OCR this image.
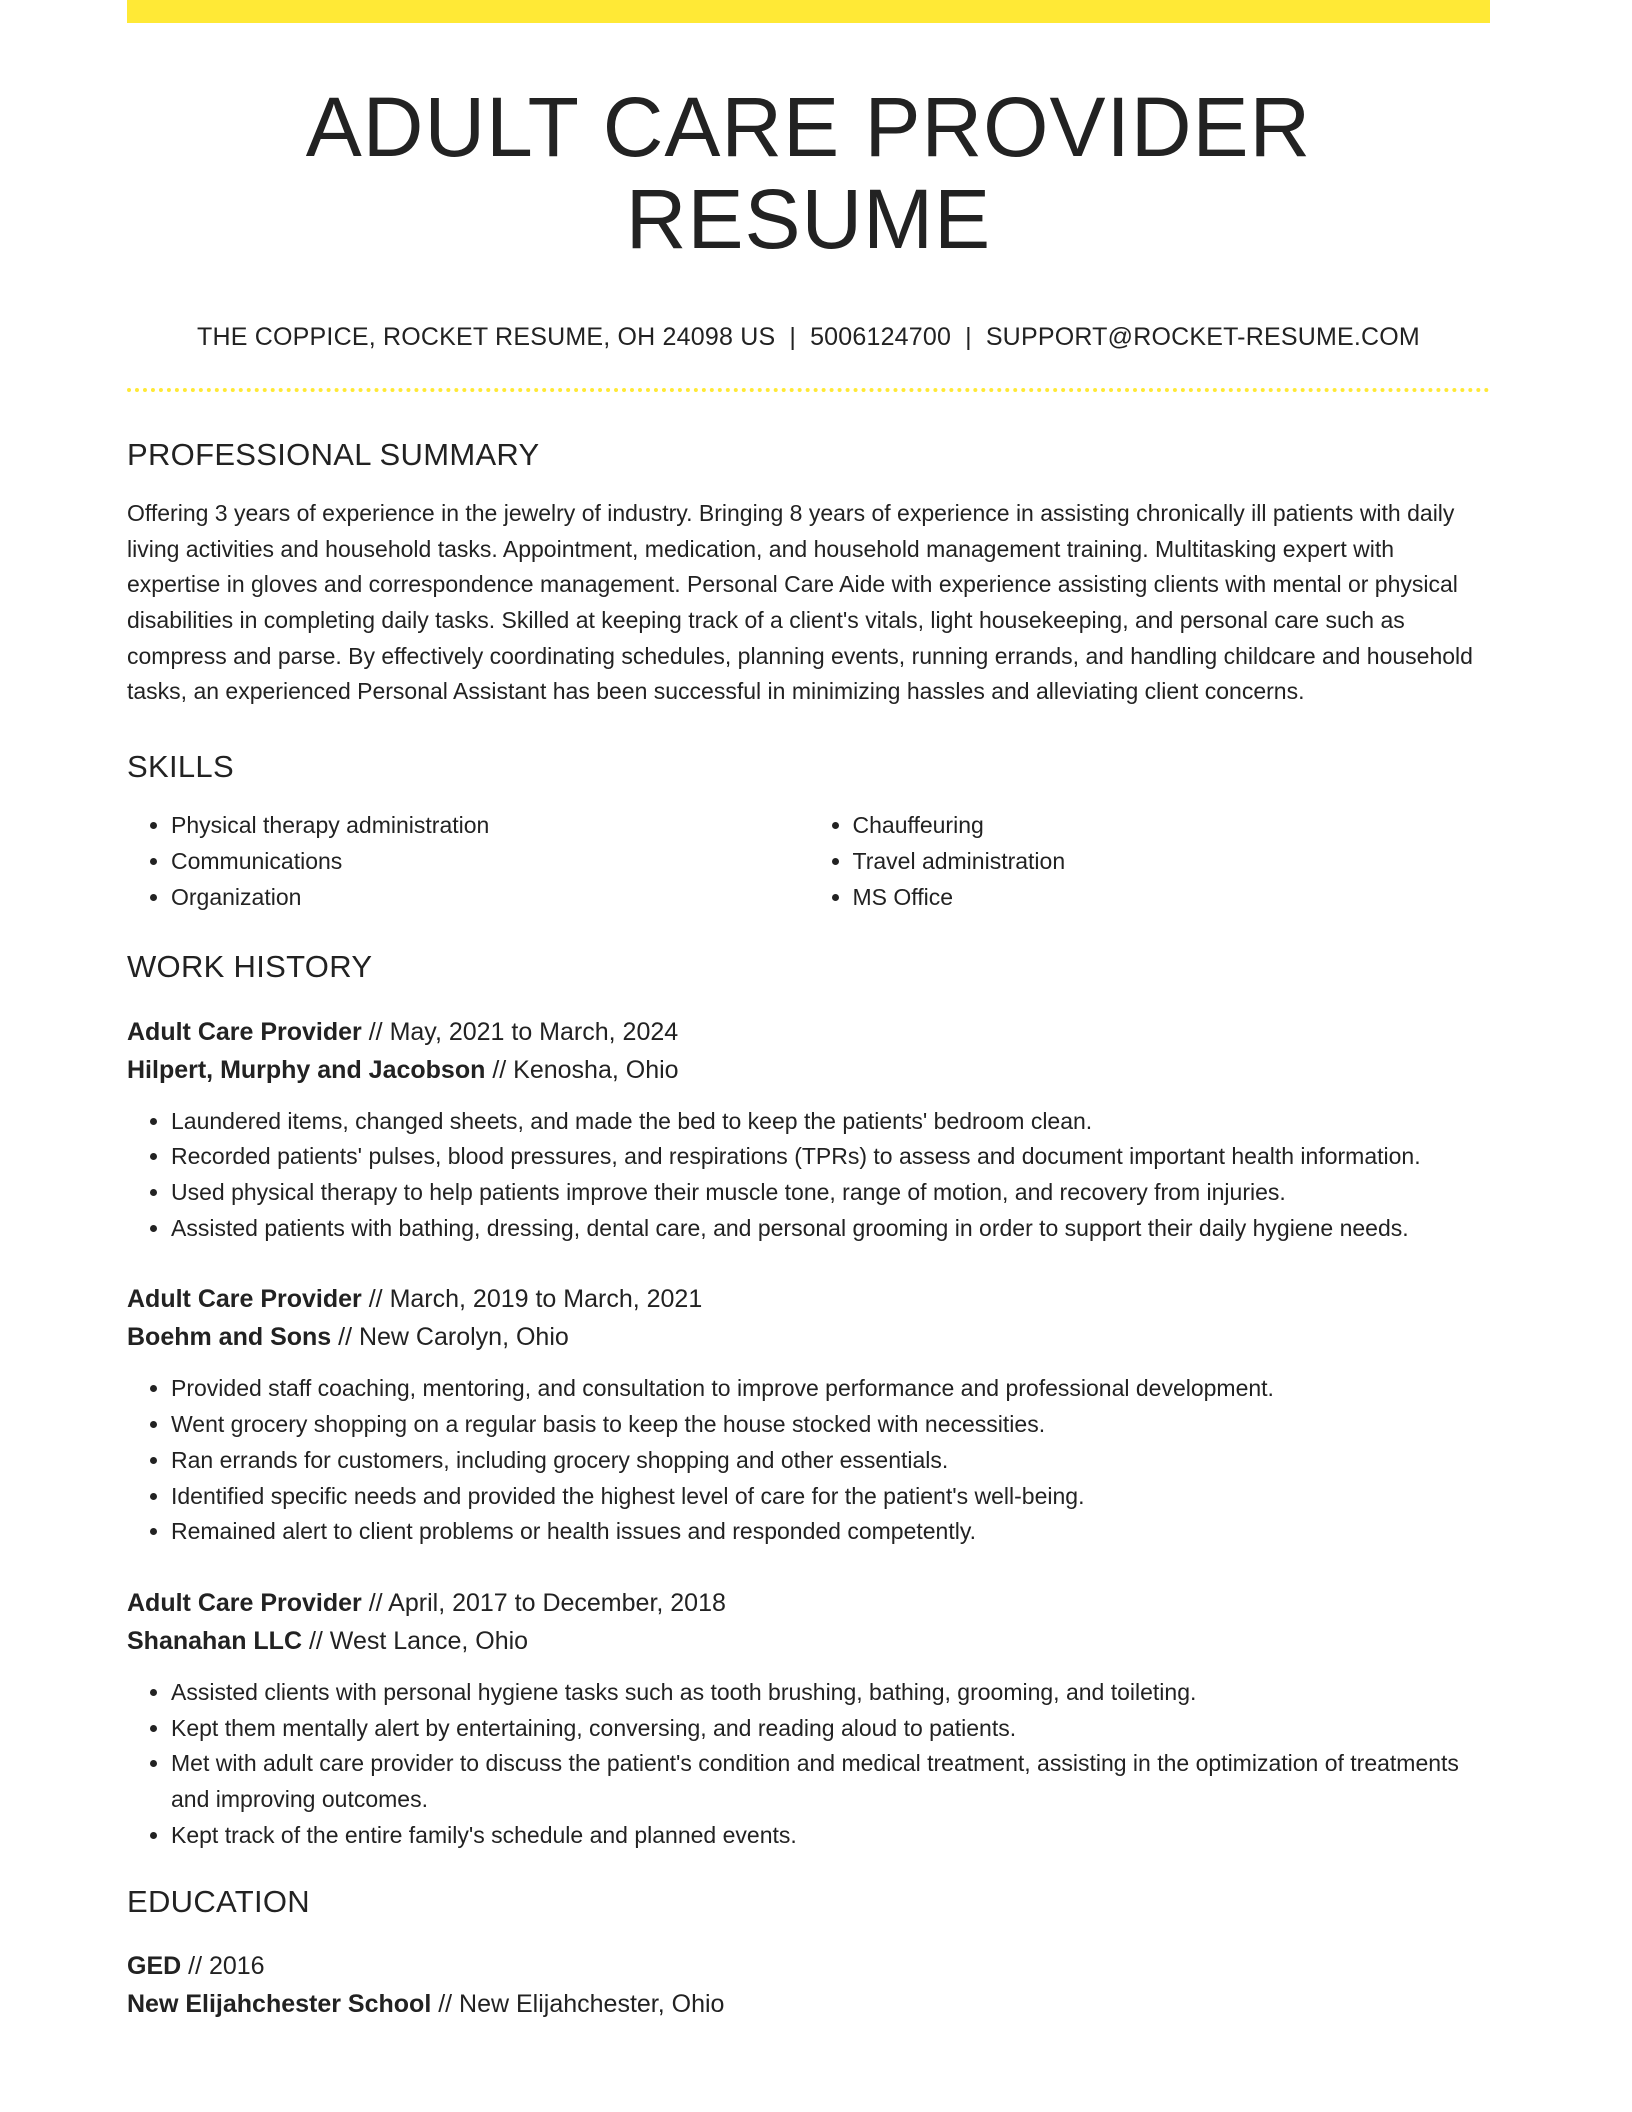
ADULT CARE PROVIDER RESUME
THE COPPICE, ROCKET RESUME, OH 24098 US | 5006124700 | SUPPORT@ROCKET-RESUME.COM
PROFESSIONAL SUMMARY

Offering 3 years of experience in the jewelry of industry. Bringing 8 years of experience in assisting chronically ill patients with daily living activities and household tasks. Appointment, medication, and household management training. Multitasking expert with expertise in gloves and correspondence management. Personal Care Aide with experience assisting clients with mental or physical disabilities in completing daily tasks. Skilled at keeping track of a client's vitals, light housekeeping, and personal care such as compress and parse. By effectively coordinating schedules, planning events, running errands, and handling childcare and household tasks, an experienced Personal Assistant has been successful in minimizing hassles and alleviating client concerns.

SKILLS
• Physical therapy administration
• Communications
• Organization
• Chauffeuring
• Travel administration
• MS Office
WORK HISTORY
Adult Care Provider // May, 2021 to March, 2024
Hilpert, Murphy and Jacobson // Kenosha, Ohio
• Laundered items, changed sheets, and made the bed to keep the patients' bedroom clean.
• Recorded patients' pulses, blood pressures, and respirations (TPRs) to assess and document important health information.
• Used physical therapy to help patients improve their muscle tone, range of motion, and recovery from injuries.
• Assisted patients with bathing, dressing, dental care, and personal grooming in order to support their daily hygiene needs.
Adult Care Provider // March, 2019 to March, 2021
Boehm and Sons // New Carolyn, Ohio
• Provided staff coaching, mentoring, and consultation to improve performance and professional development.
• Went grocery shopping on a regular basis to keep the house stocked with necessities.
• Ran errands for customers, including grocery shopping and other essentials.
• Identified specific needs and provided the highest level of care for the patient's well-being.
• Remained alert to client problems or health issues and responded competently.
Adult Care Provider // April, 2017 to December, 2018
Shanahan LLC // West Lance, Ohio
• Assisted clients with personal hygiene tasks such as tooth brushing, bathing, grooming, and toileting.
• Kept them mentally alert by entertaining, conversing, and reading aloud to patients.
• Met with adult care provider to discuss the patient's condition and medical treatment, assisting in the optimization of treatments and improving outcomes.
• Kept track of the entire family's schedule and planned events.
EDUCATION
GED // 2016
New Elijahchester School // New Elijahchester, Ohio
